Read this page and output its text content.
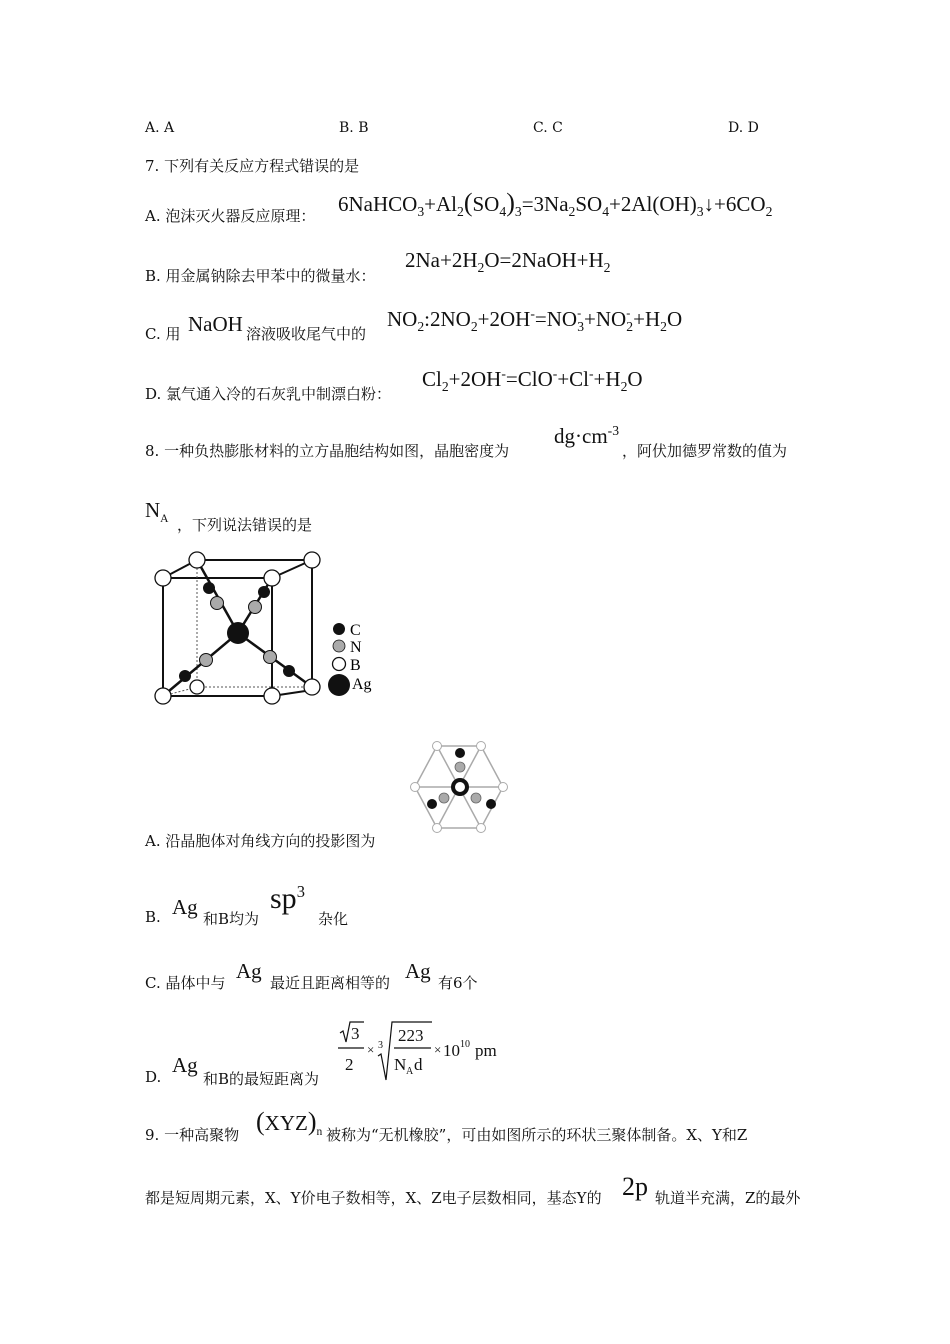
A. A	B. B	C. C	D. D
7. 下列有关反应方程式错误的是
A. 泡沫灭火器反应原理： $6NaHCO_3+Al_2(SO_4)_3=3Na_2SO_4+2Al(OH)_3↓+6CO_2$
B. 用金属钠除去甲苯中的微量水：
$2Na+2H_2O=2NaOH+H_2$
C. 用 NaOH 溶液吸收尾气中的
$NO_2:2NO_2+2OH^-=NO_{-3}+NO_{-2}+H_2O$
D. 氯气通入冷的石灰乳中制漂白粉：
$Cl_2+2OH^-=ClO^-+Cl^-+H_2O$
8. 一种负热膨胀材料的立方晶胞结构如图，晶胞密度为
$dg\cdot cm^{-3}$
，阿伏加德罗常数的值为
$N_A$ ，下列说法错误的是
C
N
B
Ag
A. 沿晶胞体对角线方向的投影图为
B. Ag 和B均为
$sp^3$
杂化
C. 晶体中与 Ag 最近且距离相等的 Ag 有6个
D. Ag
和B的最短距离为
3
2
× 3
223
N A d
× 10 10 pm
9. 一种高聚物 $(XYZ)_n$ 被称为“无机橡胶”，可由如图所示的环状三聚体制备。X、Y和Z
都是短周期元素，X、Y价电子数相等，X、Z电子层数相同，基态Y的 2p 轨道半充满，Z的最外
